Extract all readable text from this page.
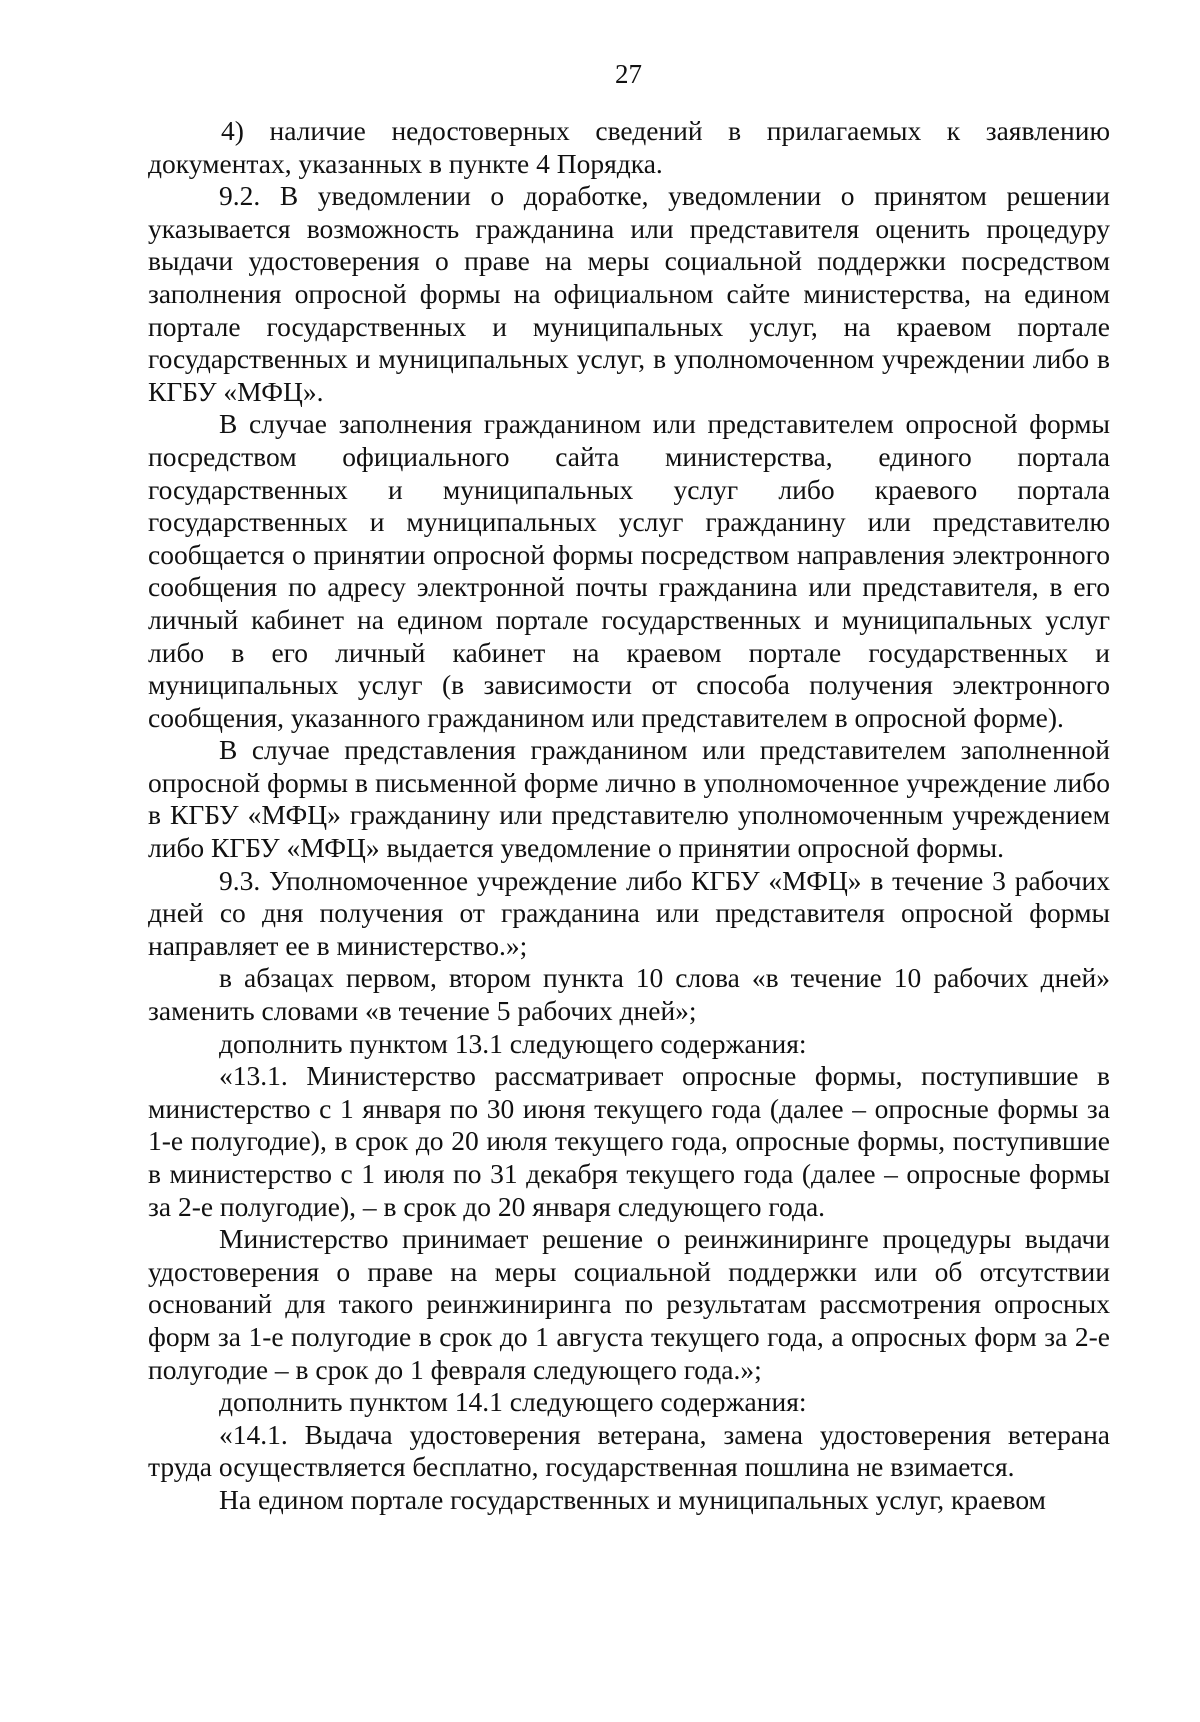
27

4) наличие недостоверных сведений в прилагаемых к заявлению документах, указанных в пункте 4 Порядка.

9.2. В уведомлении о доработке, уведомлении о принятом решении указывается возможность гражданина или представителя оценить процедуру выдачи удостоверения о праве на меры социальной поддержки посредством заполнения опросной формы на официальном сайте министерства, на едином портале государственных и муниципальных услуг, на краевом портале государственных и муниципальных услуг, в уполномоченном учреждении либо в КГБУ «МФЦ».

В случае заполнения гражданином или представителем опросной формы посредством официального сайта министерства, единого портала государственных и муниципальных услуг либо краевого портала государственных и муниципальных услуг гражданину или представителю сообщается о принятии опросной формы посредством направления электронного сообщения по адресу электронной почты гражданина или представителя, в его личный кабинет на едином портале государственных и муниципальных услуг либо в его личный кабинет на краевом портале государственных и муниципальных услуг (в зависимости от способа получения электронного сообщения, указанного гражданином или представителем в опросной форме).

В случае представления гражданином или представителем заполненной опросной формы в письменной форме лично в уполномоченное учреждение либо в КГБУ «МФЦ» гражданину или представителю уполномоченным учреждением либо КГБУ «МФЦ» выдается уведомление о принятии опросной формы.

9.3. Уполномоченное учреждение либо КГБУ «МФЦ» в течение 3 рабочих дней со дня получения от гражданина или представителя опросной формы направляет ее в министерство.»;

в абзацах первом, втором пункта 10 слова «в течение 10 рабочих дней» заменить словами «в течение 5 рабочих дней»;

дополнить пунктом 13.1 следующего содержания:

«13.1. Министерство рассматривает опросные формы, поступившие в министерство с 1 января по 30 июня текущего года (далее – опросные формы за 1-е полугодие), в срок до 20 июля текущего года, опросные формы, поступившие в министерство с 1 июля по 31 декабря текущего года (далее – опросные формы за 2-е полугодие), – в срок до 20 января следующего года.

Министерство принимает решение о реинжиниринге процедуры выдачи удостоверения о праве на меры социальной поддержки или об отсутствии оснований для такого реинжиниринга по результатам рассмотрения опросных форм за 1-е полугодие в срок до 1 августа текущего года, а опросных форм за 2-е полугодие – в срок до 1 февраля следующего года.»;

дополнить пунктом 14.1 следующего содержания:

«14.1. Выдача удостоверения ветерана, замена удостоверения ветерана труда осуществляется бесплатно, государственная пошлина не взимается.

На едином портале государственных и муниципальных услуг, краевом
